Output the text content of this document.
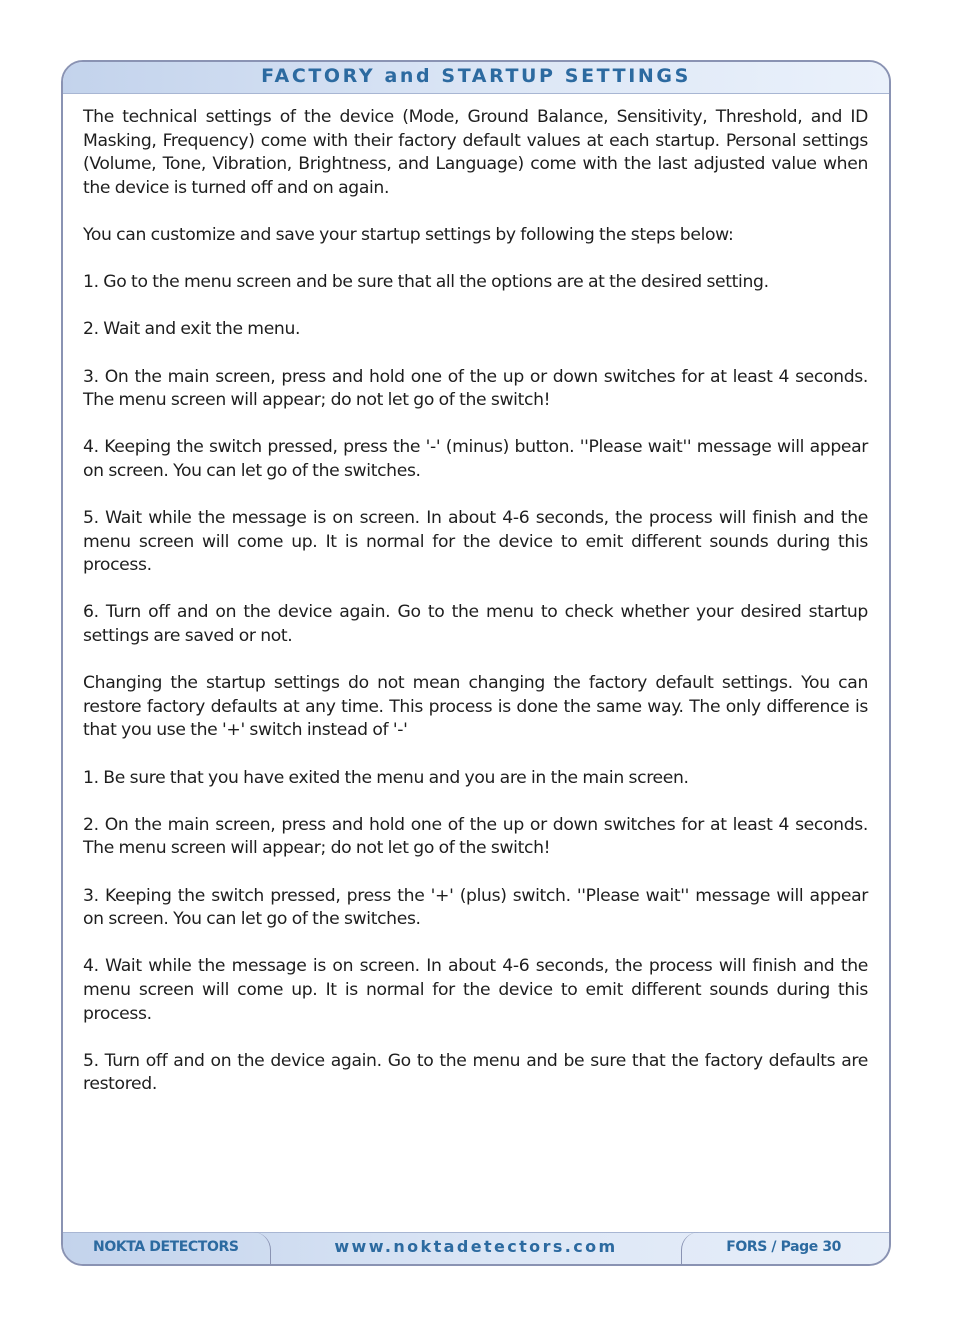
FACTORY and STARTUP SETTINGS
NOKTA DETECTORS	www.noktadetectors.com	FORS / Page 30

The technical settings of the device (Mode, Ground Balance, Sensitivity, Threshold, and ID Masking, Frequency) come with their factory default values at each startup. Personal settings (Volume, Tone, Vibration, Brightness, and Language) come with the last adjusted value when the device is turned off and on again.

You can customize and save your startup settings by following the steps below:

1. Go to the menu screen and be sure that all the options are at the desired setting.

2. Wait and exit the menu.

3. On the main screen, press and hold one of the up or down switches for at least 4 seconds. The menu screen will appear; do not let go of the switch!

4. Keeping the switch pressed, press the '-' (minus) button. ''Please wait'' message will appear on screen. You can let go of the switches.

5. Wait while the message is on screen. In about 4-6 seconds, the process will finish and the menu screen will come up. It is normal for the device to emit different sounds during this process.

6. Turn off and on the device again. Go to the menu to check whether your desired startup settings are saved or not.

Changing the startup settings do not mean changing the factory default settings. You can restore factory defaults at any time. This process is done the same way. The only difference is that you use the '+' switch instead of '-'

1. Be sure that you have exited the menu and you are in the main screen.

2. On the main screen, press and hold one of the up or down switches for at least 4 seconds. The menu screen will appear; do not let go of the switch!

3. Keeping the switch pressed, press the '+' (plus) switch. ''Please wait'' message will appear on screen. You can let go of the switches.

4. Wait while the message is on screen. In about 4-6 seconds, the process will finish and the menu screen will come up. It is normal for the device to emit different sounds during this process.

5. Turn off and on the device again. Go to the menu and be sure that the factory defaults are restored.
